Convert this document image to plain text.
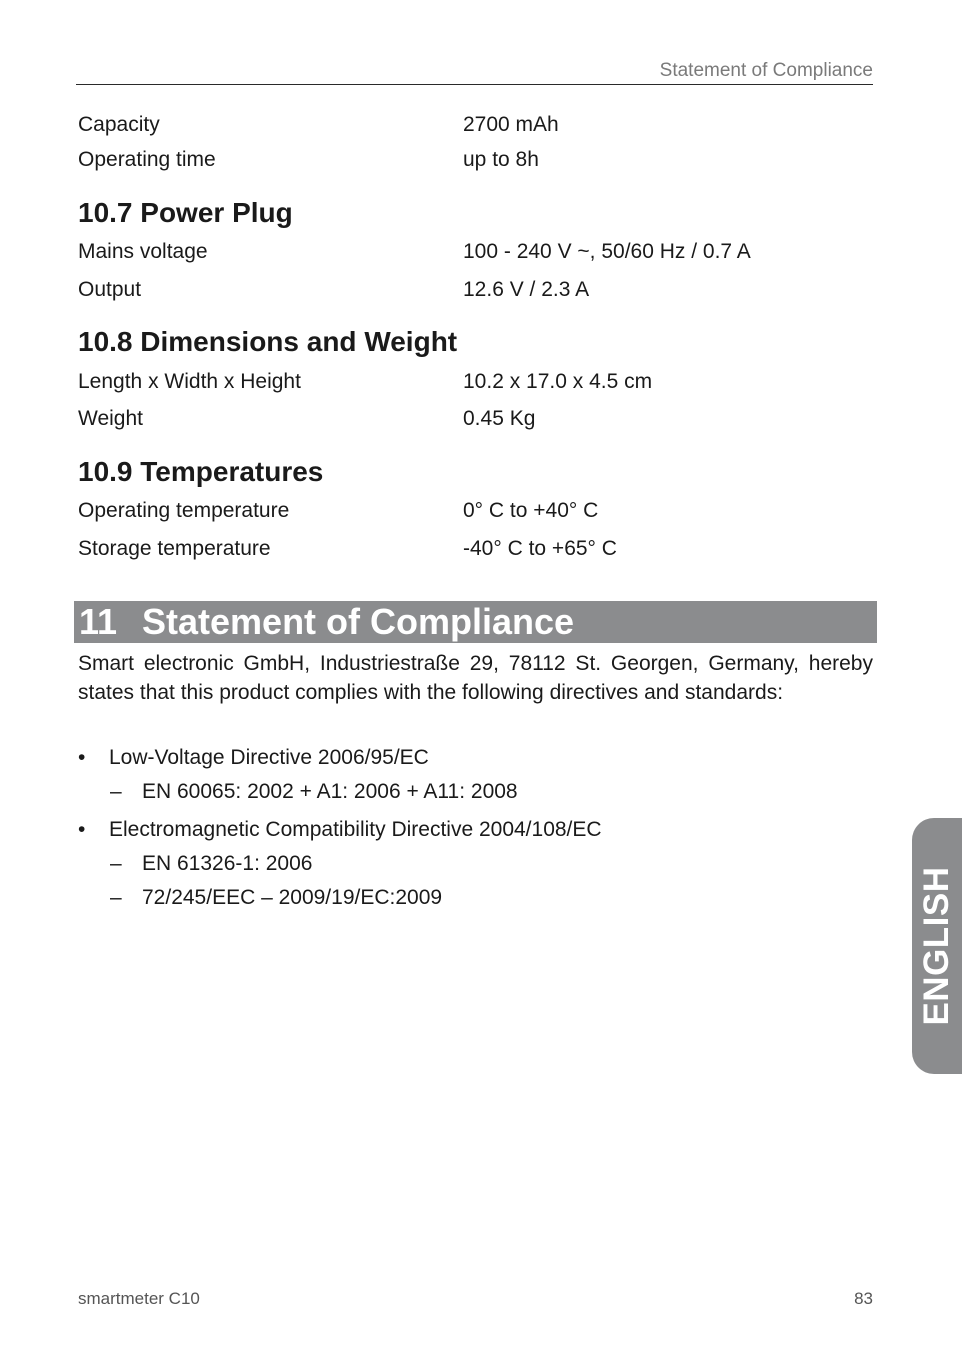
Statement of Compliance
Capacity	2700 mAh
Operating time	up to 8h
10.7 Power Plug
Mains voltage	100 - 240 V ~, 50/60 Hz / 0.7 A
Output	12.6 V / 2.3 A
10.8 Dimensions and Weight
Length x Width x Height	10.2 x 17.0 x 4.5 cm
Weight	0.45 Kg
10.9 Temperatures
Operating temperature	0° C to +40° C
Storage temperature	-40° C to +65° C
11 Statement of Compliance
Smart electronic GmbH, Industriestraße 29, 78112 St. Georgen, Germany, hereby states that this product complies with the following directives and standards:
•	Low-Voltage Directive 2006/95/EC
– EN 60065: 2002 + A1: 2006 + A11: 2008
•	Electromagnetic Compatibility Directive 2004/108/EC
– EN 61326-1: 2006
– 72/245/EEC – 2009/19/EC:2009	ENGLISH
smartmeter C10	83
